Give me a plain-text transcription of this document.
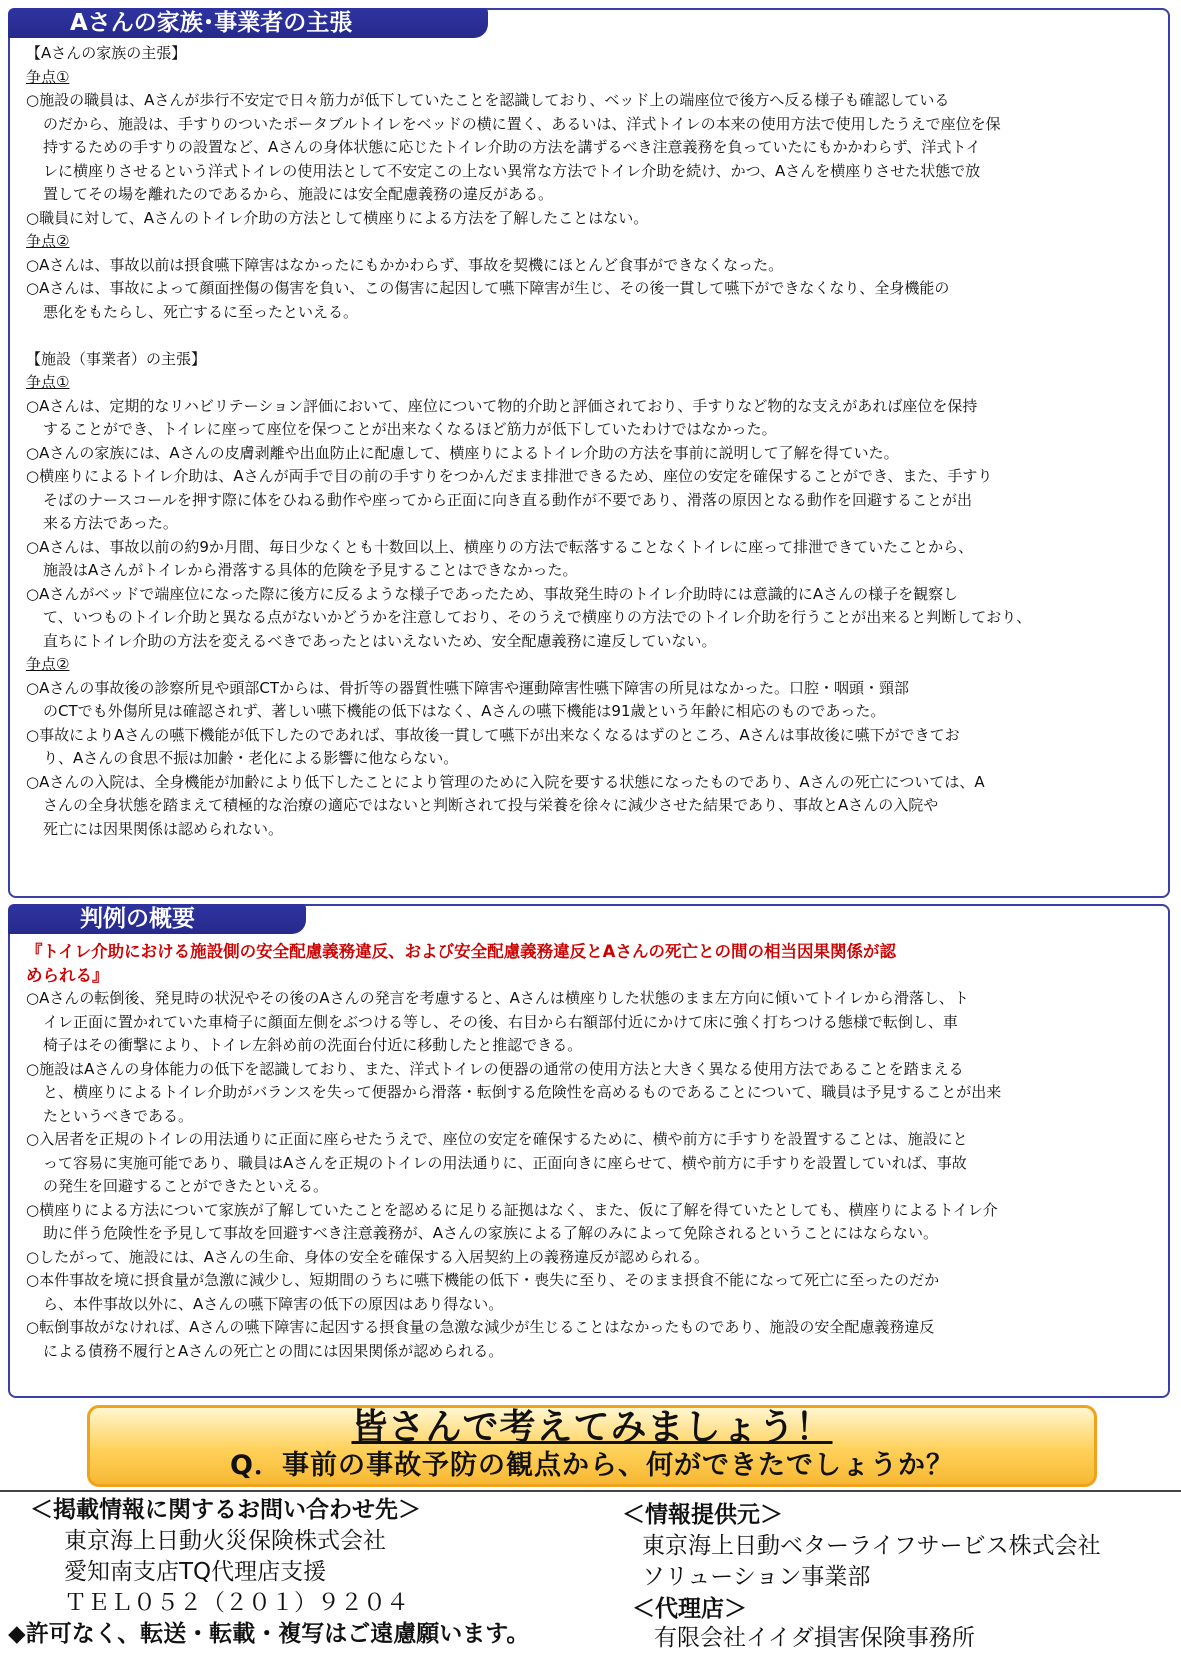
Aさんの家族･事業者の主張
【Aさんの家族の主張】
争点①
○施設の職員は、Aさんが歩行不安定で日々筋力が低下していたことを認識しており、ベッド上の端座位で後方へ反る様子も確認している
のだから、施設は、手すりのついたポータブルトイレをベッドの横に置く、あるいは、洋式トイレの本来の使用方法で使用したうえで座位を保
持するための手すりの設置など、Aさんの身体状態に応じたトイレ介助の方法を講ずるべき注意義務を負っていたにもかかわらず、洋式トイ
レに横座りさせるという洋式トイレの使用法として不安定この上ない異常な方法でトイレ介助を続け、かつ、Aさんを横座りさせた状態で放
置してその場を離れたのであるから、施設には安全配慮義務の違反がある。
○職員に対して、Aさんのトイレ介助の方法として横座りによる方法を了解したことはない。
争点②
○Aさんは、事故以前は摂食嚥下障害はなかったにもかかわらず、事故を契機にほとんど食事ができなくなった。
○Aさんは、事故によって顔面挫傷の傷害を負い、この傷害に起因して嚥下障害が生じ、その後一貫して嚥下ができなくなり、全身機能の
悪化をもたらし、死亡するに至ったといえる。
【施設（事業者）の主張】
争点①
○Aさんは、定期的なリハビリテーション評価において、座位について物的介助と評価されており、手すりなど物的な支えがあれば座位を保持
することができ、トイレに座って座位を保つことが出来なくなるほど筋力が低下していたわけではなかった。
○Aさんの家族には、Aさんの皮膚剥離や出血防止に配慮して、横座りによるトイレ介助の方法を事前に説明して了解を得ていた。
○横座りによるトイレ介助は、Aさんが両手で目の前の手すりをつかんだまま排泄できるため、座位の安定を確保することができ、また、手すり
そばのナースコールを押す際に体をひねる動作や座ってから正面に向き直る動作が不要であり、滑落の原因となる動作を回避することが出
来る方法であった。
○Aさんは、事故以前の約9か月間、毎日少なくとも十数回以上、横座りの方法で転落することなくトイレに座って排泄できていたことから、
施設はAさんがトイレから滑落する具体的危険を予見することはできなかった。
○Aさんがベッドで端座位になった際に後方に反るような様子であったため、事故発生時のトイレ介助時には意識的にAさんの様子を観察し
て、いつものトイレ介助と異なる点がないかどうかを注意しており、そのうえで横座りの方法でのトイレ介助を行うことが出来ると判断しており、
直ちにトイレ介助の方法を変えるべきであったとはいえないため、安全配慮義務に違反していない。
争点②
○Aさんの事故後の診察所見や頭部CTからは、骨折等の器質性嚥下障害や運動障害性嚥下障害の所見はなかった。口腔・咽頭・頸部
のCTでも外傷所見は確認されず、著しい嚥下機能の低下はなく、Aさんの嚥下機能は91歳という年齢に相応のものであった。
○事故によりAさんの嚥下機能が低下したのであれば、事故後一貫して嚥下が出来なくなるはずのところ、Aさんは事故後に嚥下ができてお
り、Aさんの食思不振は加齢・老化による影響に他ならない。
○Aさんの入院は、全身機能が加齢により低下したことにより管理のために入院を要する状態になったものであり、Aさんの死亡については、A
さんの全身状態を踏まえて積極的な治療の適応ではないと判断されて投与栄養を徐々に減少させた結果であり、事故とAさんの入院や
死亡には因果関係は認められない。
判例の概要
『トイレ介助における施設側の安全配慮義務違反、および安全配慮義務違反とAさんの死亡との間の相当因果関係が認
められる』
○Aさんの転倒後、発見時の状況やその後のAさんの発言を考慮すると、Aさんは横座りした状態のまま左方向に傾いてトイレから滑落し、ト
イレ正面に置かれていた車椅子に顔面左側をぶつける等し、その後、右目から右額部付近にかけて床に強く打ちつける態様で転倒し、車
椅子はその衝撃により、トイレ左斜め前の洗面台付近に移動したと推認できる。
○施設はAさんの身体能力の低下を認識しており、また、洋式トイレの便器の通常の使用方法と大きく異なる使用方法であることを踏まえる
と、横座りによるトイレ介助がバランスを失って便器から滑落・転倒する危険性を高めるものであることについて、職員は予見することが出来
たというべきである。
○入居者を正規のトイレの用法通りに正面に座らせたうえで、座位の安定を確保するために、横や前方に手すりを設置することは、施設にと
って容易に実施可能であり、職員はAさんを正規のトイレの用法通りに、正面向きに座らせて、横や前方に手すりを設置していれば、事故
の発生を回避することができたといえる。
○横座りによる方法について家族が了解していたことを認めるに足りる証拠はなく、また、仮に了解を得ていたとしても、横座りによるトイレ介
助に伴う危険性を予見して事故を回避すべき注意義務が、Aさんの家族による了解のみによって免除されるということにはならない。
○したがって、施設には、Aさんの生命、身体の安全を確保する入居契約上の義務違反が認められる。
○本件事故を境に摂食量が急激に減少し、短期間のうちに嚥下機能の低下・喪失に至り、そのまま摂食不能になって死亡に至ったのだか
ら、本件事故以外に、Aさんの嚥下障害の低下の原因はあり得ない。
○転倒事故がなければ、Aさんの嚥下障害に起因する摂食量の急激な減少が生じることはなかったものであり、施設の安全配慮義務違反
による債務不履行とAさんの死亡との間には因果関係が認められる。
皆さんで考えてみましょう！
Q．事前の事故予防の観点から、何ができたでしょうか？
＜掲載情報に関するお問い合わせ先＞
東京海上日動火災保険株式会社
愛知南支店TQ代理店支援
ＴＥＬ０５２（２０１）９２０４
◆許可なく、転送・転載・複写はご遠慮願います。
＜情報提供元＞
東京海上日動ベターライフサービス株式会社
ソリューション事業部
＜代理店＞
有限会社イイダ損害保険事務所
